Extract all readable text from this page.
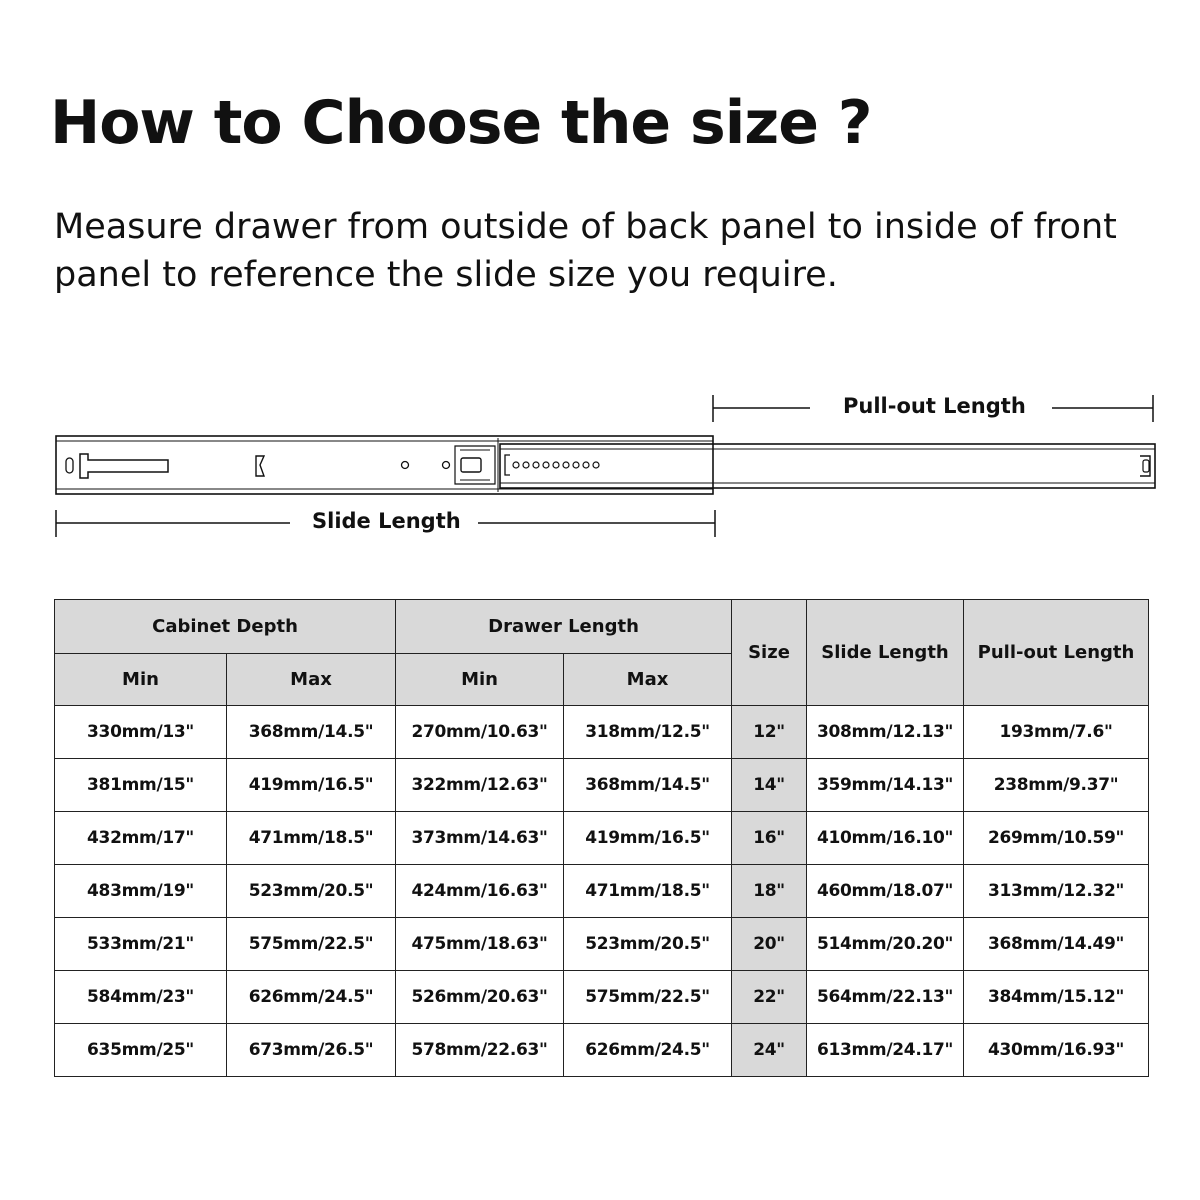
How to Choose the size ?

Measure drawer from outside of back panel to inside of front panel to reference the slide size you require.

Pull-out Length
Slide Length
Cabinet Depth		Drawer Length		Size	Slide Length	Pull-out Length
Min	Max	Min	Max			
330mm/13"	368mm/14.5"	270mm/10.63"	318mm/12.5"	12"	308mm/12.13"	193mm/7.6"
381mm/15"	419mm/16.5"	322mm/12.63"	368mm/14.5"	14"	359mm/14.13"	238mm/9.37"
432mm/17"	471mm/18.5"	373mm/14.63"	419mm/16.5"	16"	410mm/16.10"	269mm/10.59"
483mm/19"	523mm/20.5"	424mm/16.63"	471mm/18.5"	18"	460mm/18.07"	313mm/12.32"
533mm/21"	575mm/22.5"	475mm/18.63"	523mm/20.5"	20"	514mm/20.20"	368mm/14.49"
584mm/23"	626mm/24.5"	526mm/20.63"	575mm/22.5"	22"	564mm/22.13"	384mm/15.12"
635mm/25"	673mm/26.5"	578mm/22.63"	626mm/24.5"	24"	613mm/24.17"	430mm/16.93"
